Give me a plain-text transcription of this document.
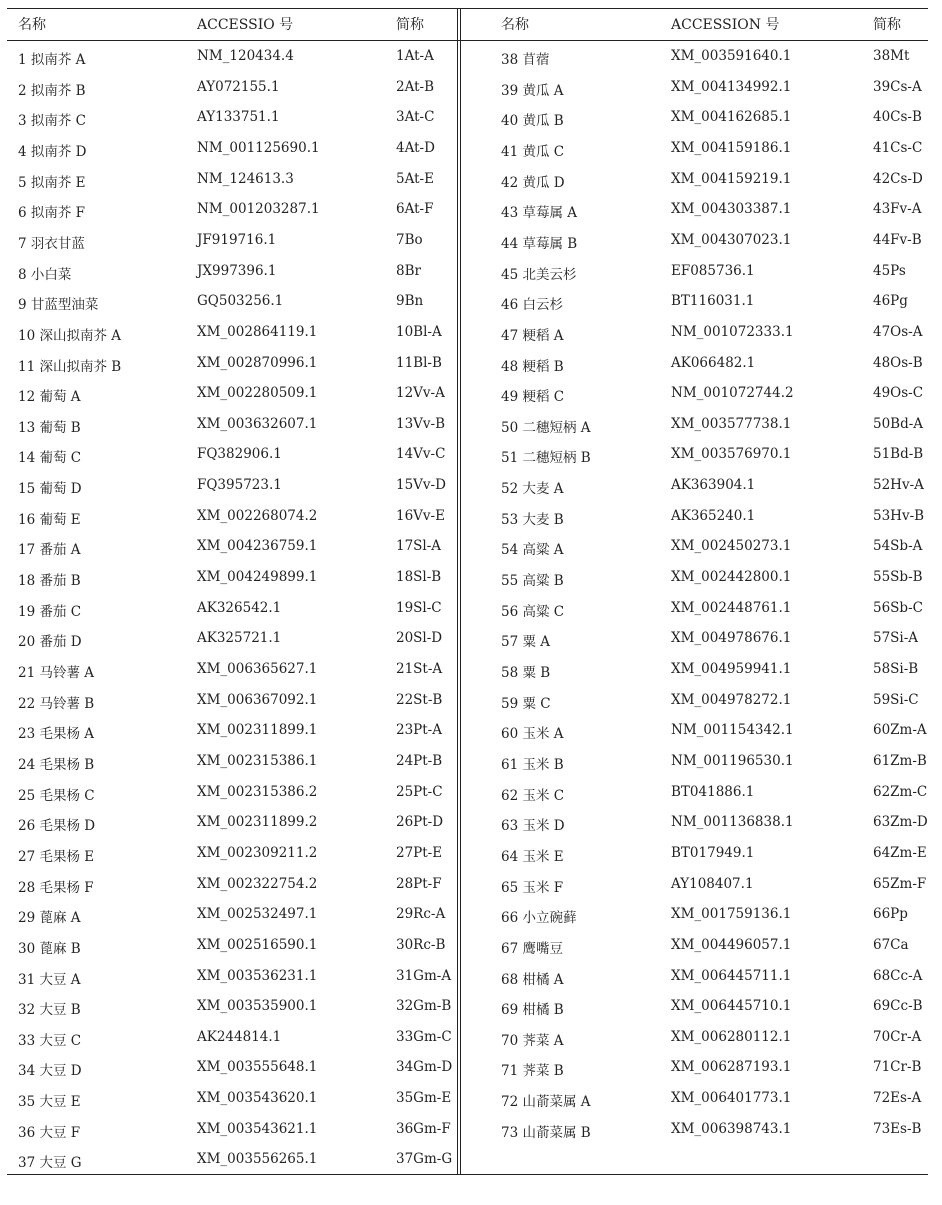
名称	ACCESSIO 号	简称
1 拟南芥 A	NM_120434.4	1At-A
2 拟南芥 B	AY072155.1	2At-B
3 拟南芥 C	AY133751.1	3At-C
4 拟南芥 D	NM_001125690.1	4At-D
5 拟南芥 E	NM_124613.3	5At-E
6 拟南芥 F	NM_001203287.1	6At-F
7 羽衣甘蓝	JF919716.1	7Bo
8 小白菜	JX997396.1	8Br
9 甘蓝型油菜	GQ503256.1	9Bn
10 深山拟南芥 A	XM_002864119.1	10Bl-A
11 深山拟南芥 B	XM_002870996.1	11Bl-B
12 葡萄 A	XM_002280509.1	12Vv-A
13 葡萄 B	XM_003632607.1	13Vv-B
14 葡萄 C	FQ382906.1	14Vv-C
15 葡萄 D	FQ395723.1	15Vv-D
16 葡萄 E	XM_002268074.2	16Vv-E
17 番茄 A	XM_004236759.1	17Sl-A
18 番茄 B	XM_004249899.1	18Sl-B
19 番茄 C	AK326542.1	19Sl-C
20 番茄 D	AK325721.1	20Sl-D
21 马铃薯 A	XM_006365627.1	21St-A
22 马铃薯 B	XM_006367092.1	22St-B
23 毛果杨 A	XM_002311899.1	23Pt-A
24 毛果杨 B	XM_002315386.1	24Pt-B
25 毛果杨 C	XM_002315386.2	25Pt-C
26 毛果杨 D	XM_002311899.2	26Pt-D
27 毛果杨 E	XM_002309211.2	27Pt-E
28 毛果杨 F	XM_002322754.2	28Pt-F
29 蓖麻 A	XM_002532497.1	29Rc-A
30 蓖麻 B	XM_002516590.1	30Rc-B
31 大豆 A	XM_003536231.1	31Gm-A
32 大豆 B	XM_003535900.1	32Gm-B
33 大豆 C	AK244814.1	33Gm-C
34 大豆 D	XM_003555648.1	34Gm-D
35 大豆 E	XM_003543620.1	35Gm-E
36 大豆 F	XM_003543621.1	36Gm-F
37 大豆 G	XM_003556265.1	37Gm-G
名称	ACCESSION 号	简称
38 苜蓿	XM_003591640.1	38Mt
39 黄瓜 A	XM_004134992.1	39Cs-A
40 黄瓜 B	XM_004162685.1	40Cs-B
41 黄瓜 C	XM_004159186.1	41Cs-C
42 黄瓜 D	XM_004159219.1	42Cs-D
43 草莓属 A	XM_004303387.1	43Fv-A
44 草莓属 B	XM_004307023.1	44Fv-B
45 北美云杉	EF085736.1	45Ps
46 白云杉	BT116031.1	46Pg
47 粳稻 A	NM_001072333.1	47Os-A
48 粳稻 B	AK066482.1	48Os-B
49 粳稻 C	NM_001072744.2	49Os-C
50 二穗短柄 A	XM_003577738.1	50Bd-A
51 二穗短柄 B	XM_003576970.1	51Bd-B
52 大麦 A	AK363904.1	52Hv-A
53 大麦 B	AK365240.1	53Hv-B
54 高粱 A	XM_002450273.1	54Sb-A
55 高粱 B	XM_002442800.1	55Sb-B
56 高粱 C	XM_002448761.1	56Sb-C
57 粟 A	XM_004978676.1	57Si-A
58 粟 B	XM_004959941.1	58Si-B
59 粟 C	XM_004978272.1	59Si-C
60 玉米 A	NM_001154342.1	60Zm-A
61 玉米 B	NM_001196530.1	61Zm-B
62 玉米 C	BT041886.1	62Zm-C
63 玉米 D	NM_001136838.1	63Zm-D
64 玉米 E	BT017949.1	64Zm-E
65 玉米 F	AY108407.1	65Zm-F
66 小立碗藓	XM_001759136.1	66Pp
67 鹰嘴豆	XM_004496057.1	67Ca
68 柑橘 A	XM_006445711.1	68Cc-A
69 柑橘 B	XM_006445710.1	69Cc-B
70 荠菜 A	XM_006280112.1	70Cr-A
71 荠菜 B	XM_006287193.1	71Cr-B
72 山萮菜属 A	XM_006401773.1	72Es-A
73 山萮菜属 B	XM_006398743.1	73Es-B
